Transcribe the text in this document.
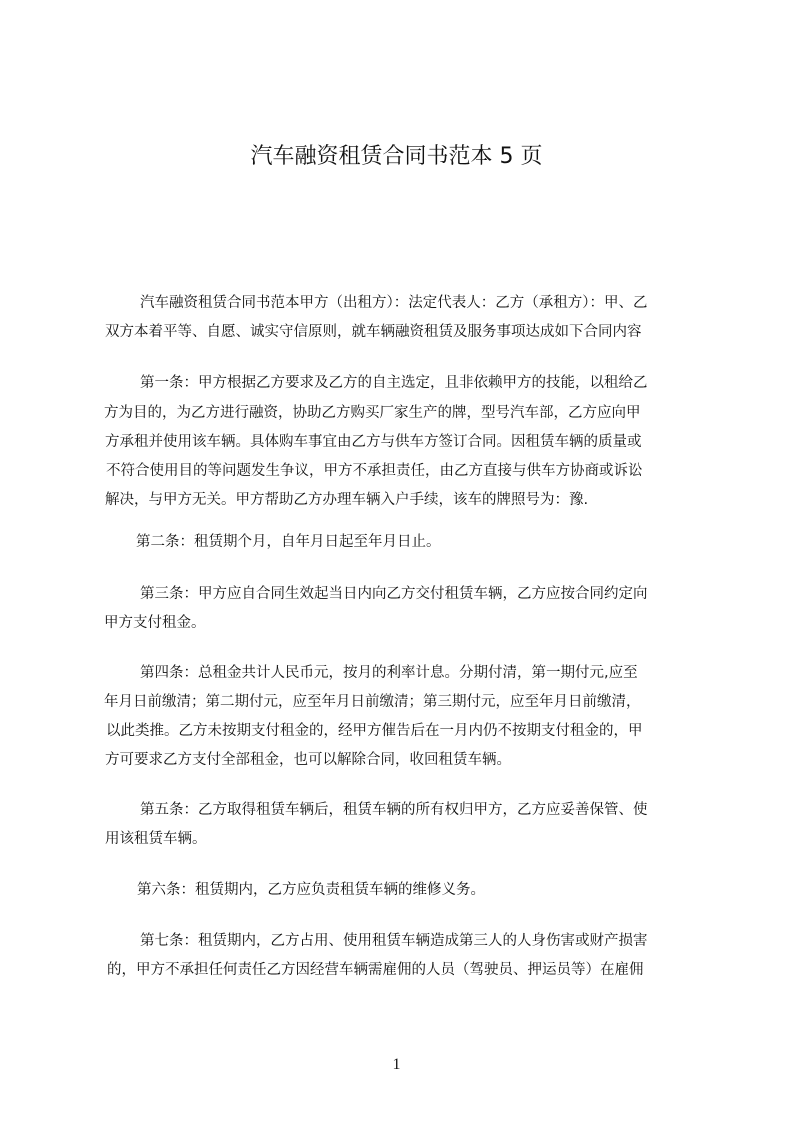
汽车融资租赁合同书范本 5 页
汽车融资租赁合同书范本甲方（出租方）：法定代表人：乙方（承租方）：甲、乙
双方本着平等、自愿、诚实守信原则，就车辆融资租赁及服务事项达成如下合同内容
第一条：甲方根据乙方要求及乙方的自主选定，且非依赖甲方的技能，以租给乙
方为目的，为乙方进行融资，协助乙方购买厂家生产的牌，型号汽车部，乙方应向甲
方承租并使用该车辆。具体购车事宜由乙方与供车方签订合同。因租赁车辆的质量或
不符合使用目的等问题发生争议，甲方不承担责任，由乙方直接与供车方协商或诉讼
解决，与甲方无关。甲方帮助乙方办理车辆入户手续，该车的牌照号为：豫.
第二条：租赁期个月，自年月日起至年月日止。
第三条：甲方应自合同生效起当日内向乙方交付租赁车辆，乙方应按合同约定向
甲方支付租金。
第四条：总租金共计人民币元，按月的利率计息。分期付清，第一期付元,应至
年月日前缴清；第二期付元，应至年月日前缴清；第三期付元，应至年月日前缴清，
以此类推。乙方未按期支付租金的，经甲方催告后在一月内仍不按期支付租金的，甲
方可要求乙方支付全部租金，也可以解除合同，收回租赁车辆。
第五条：乙方取得租赁车辆后，租赁车辆的所有权归甲方，乙方应妥善保管、使
用该租赁车辆。
第六条：租赁期内，乙方应负责租赁车辆的维修义务。
第七条：租赁期内，乙方占用、使用租赁车辆造成第三人的人身伤害或财产损害
的，甲方不承担任何责任乙方因经营车辆需雇佣的人员（驾驶员、押运员等）在雇佣
1
